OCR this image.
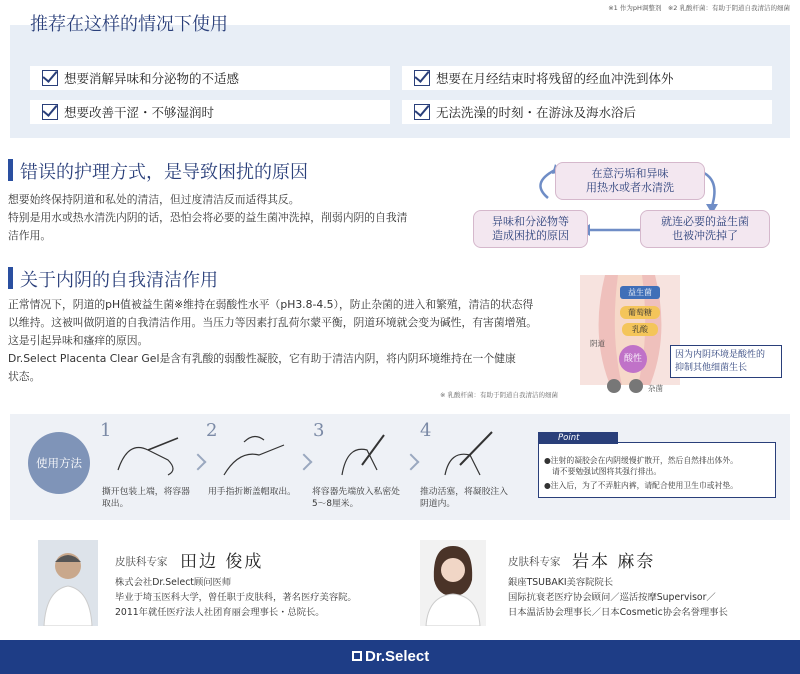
※1 作为pH调整剂　※2 乳酸杆菌：有助于阴道自我清洁的细菌
推荐在这样的情况下使用
想要消解异味和分泌物的不适感	想要在月经结束时将残留的经血冲洗到体外
想要改善干涩・不够湿润时	无法洗澡的时刻・在游泳及海水浴后
错误的护理方式，是导致困扰的原因
想要始终保持阴道和私处的清洁，但过度清洁反而适得其反。
特别是用水或热水清洗内阴的话，恐怕会将必要的益生菌冲洗掉，削弱内阴的自我清
洁作用。
在意污垢和异味
用热水或者水清洗
就连必要的益生菌
也被冲洗掉了
异味和分泌物等
造成困扰的原因
关于内阴的自我清洁作用
正常情况下，阴道的pH值被益生菌※维持在弱酸性水平（pH3.8-4.5），防止杂菌的进入和繁殖，清洁的状态得
以维持。这被叫做阴道的自我清洁作用。当压力等因素打乱荷尔蒙平衡，阴道环境就会变为碱性，有害菌增殖。
这是引起异味和瘙痒的原因。
Dr.Select Placenta Clear Gel是含有乳酸的弱酸性凝胶，它有助于清洁内阴，将内阴环境维持在一个健康
状态。
※ 乳酸杆菌：有助于阴道自我清洁的细菌
益生菌
葡萄糖
乳酸
酸性
阴道
杂菌
因为内阴环境是酸性的
抑制其他细菌生长
使用方法
1
撕开包装上端，将容器
取出。
2
用手指折断盖帽取出。
3
将容器先端放入私密处
5～8厘米。
4
推动活塞，将凝胶注入
阴道内。
Point
●注射的凝胶会在内阴缓慢扩散开，然后自然排出体外。
请不要勉强试图将其强行排出。
●注入后，为了不弄脏内裤，请配合使用卫生巾或衬垫。
皮肤科专家 田边 俊成
株式会社Dr.Select顾问医师
毕业于埼玉医科大学，曾任职于皮肤科，著名医疗美容院。
2011年就任医疗法人社团育丽会理事长・总院长。
皮肤科专家 岩本 麻奈
銀座TSUBAKI美容院院长
国际抗衰老医疗协会顾问／巡活按摩Supervisor／
日本温活协会理事长／日本Cosmetic协会名誉理事长
Dr.Select
